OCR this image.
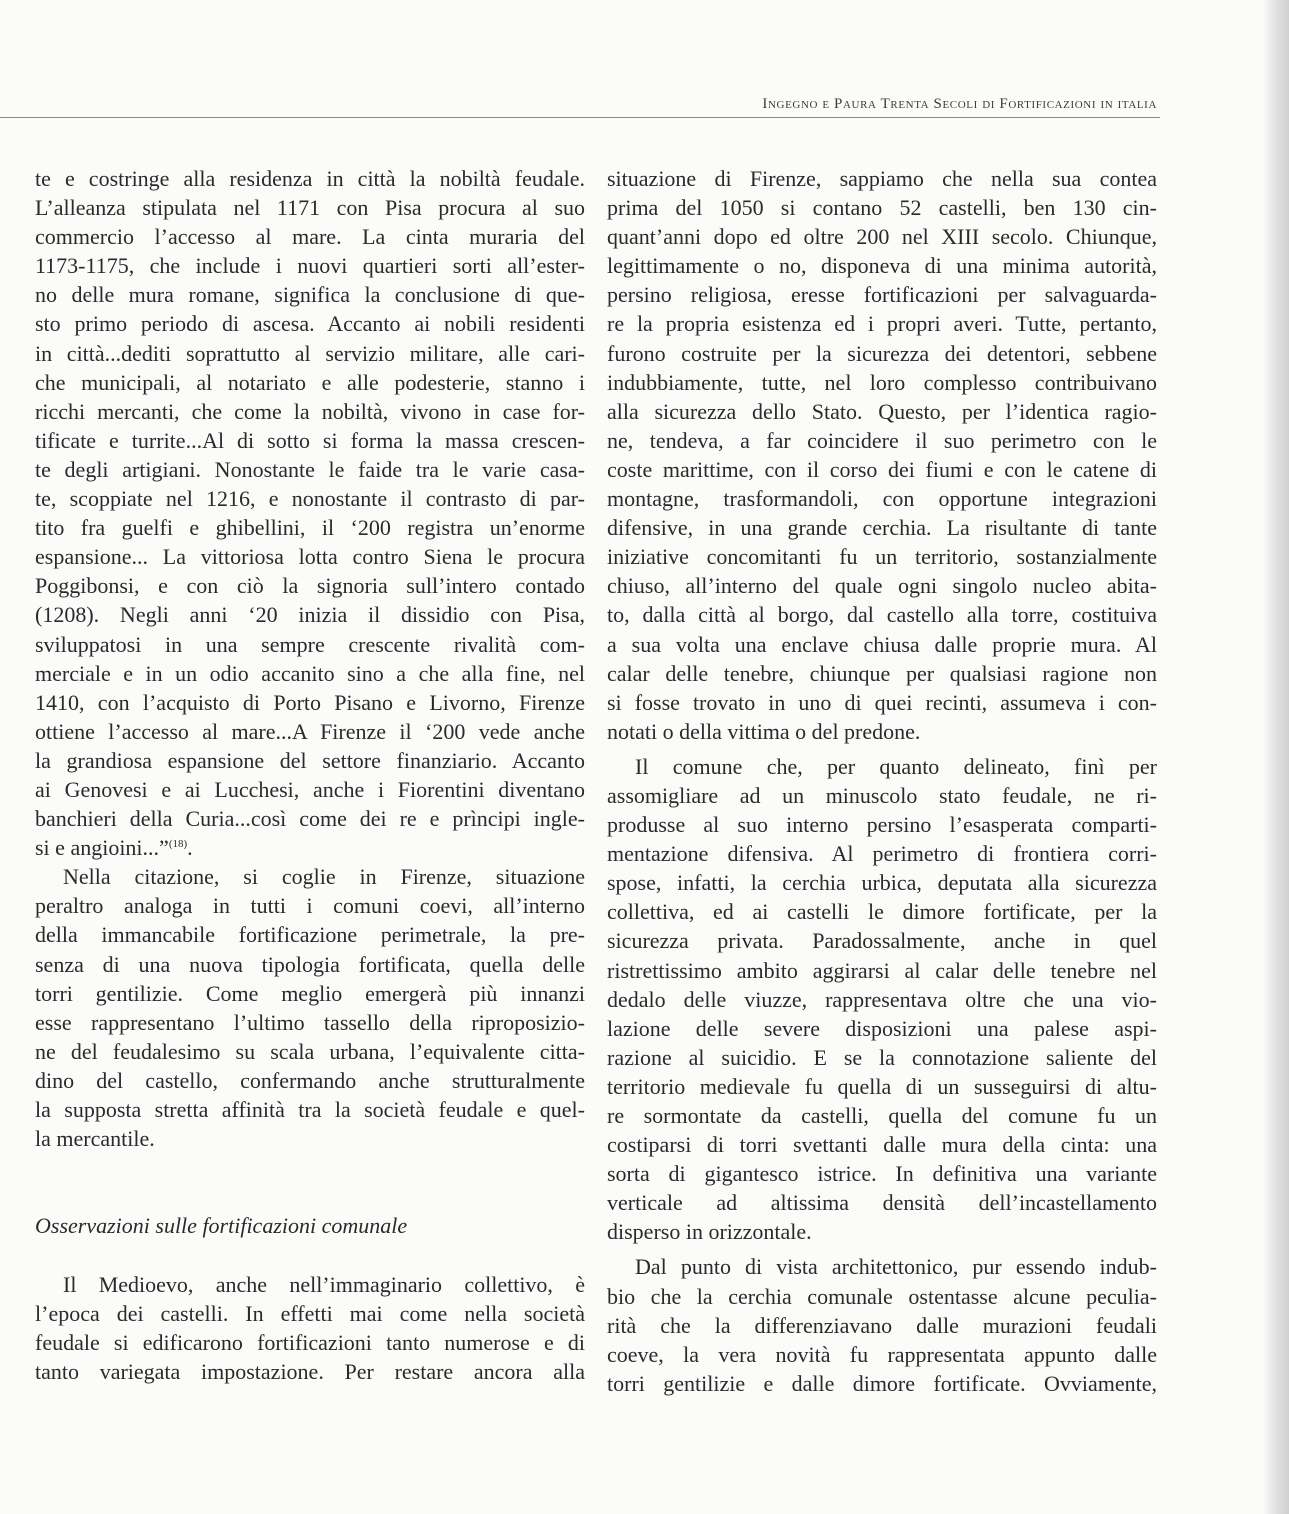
Ingegno e Paura Trenta Secoli di Fortificazioni in italia
te e costringe alla residenza in città la nobiltà feudale.
L’alleanza stipulata nel 1171 con Pisa procura al suo
commercio l’accesso al mare. La cinta muraria del
1173-1175, che include i nuovi quartieri sorti all’ester-
no delle mura romane, significa la conclusione di que-
sto primo periodo di ascesa. Accanto ai nobili residenti
in città...dediti soprattutto al servizio militare, alle cari-
che municipali, al notariato e alle podesterie, stanno i
ricchi mercanti, che come la nobiltà, vivono in case for-
tificate e turrite...Al di sotto si forma la massa crescen-
te degli artigiani. Nonostante le faide tra le varie casa-
te, scoppiate nel 1216, e nonostante il contrasto di par-
tito fra guelfi e ghibellini, il ‘200 registra un’enorme
espansione... La vittoriosa lotta contro Siena le procura
Poggibonsi, e con ciò la signoria sull’intero contado
(1208). Negli anni ‘20 inizia il dissidio con Pisa,
sviluppatosi in una sempre crescente rivalità com-
merciale e in un odio accanito sino a che alla fine, nel
1410, con l’acquisto di Porto Pisano e Livorno, Firenze
ottiene l’accesso al mare...A Firenze il ‘200 vede anche
la grandiosa espansione del settore finanziario. Accanto
ai Genovesi e ai Lucchesi, anche i Fiorentini diventano
banchieri della Curia...così come dei re e prìncipi ingle-
si e angioini...”$^{(18)}$.
Nella citazione, si coglie in Firenze, situazione
peraltro analoga in tutti i comuni coevi, all’interno
della immancabile fortificazione perimetrale, la pre-
senza di una nuova tipologia fortificata, quella delle
torri gentilizie. Come meglio emergerà più innanzi
esse rappresentano l’ultimo tassello della riproposizio-
ne del feudalesimo su scala urbana, l’equivalente citta-
dino del castello, confermando anche strutturalmente
la supposta stretta affinità tra la società feudale e quel-
la mercantile.
Osservazioni sulle fortificazioni comunale
Il Medioevo, anche nell’immaginario collettivo, è
l’epoca dei castelli. In effetti mai come nella società
feudale si edificarono fortificazioni tanto numerose e di
tanto variegata impostazione. Per restare ancora alla
situazione di Firenze, sappiamo che nella sua contea
prima del 1050 si contano 52 castelli, ben 130 cin-
quant’anni dopo ed oltre 200 nel XIII secolo. Chiunque,
legittimamente o no, disponeva di una minima autorità,
persino religiosa, eresse fortificazioni per salvaguarda-
re la propria esistenza ed i propri averi. Tutte, pertanto,
furono costruite per la sicurezza dei detentori, sebbene
indubbiamente, tutte, nel loro complesso contribuivano
alla sicurezza dello Stato. Questo, per l’identica ragio-
ne, tendeva, a far coincidere il suo perimetro con le
coste marittime, con il corso dei fiumi e con le catene di
montagne, trasformandoli, con opportune integrazioni
difensive, in una grande cerchia. La risultante di tante
iniziative concomitanti fu un territorio, sostanzialmente
chiuso, all’interno del quale ogni singolo nucleo abita-
to, dalla città al borgo, dal castello alla torre, costituiva
a sua volta una enclave chiusa dalle proprie mura. Al
calar delle tenebre, chiunque per qualsiasi ragione non
si fosse trovato in uno di quei recinti, assumeva i con-
notati o della vittima o del predone.
Il comune che, per quanto delineato, finì per
assomigliare ad un minuscolo stato feudale, ne ri-
produsse al suo interno persino l’esasperata comparti-
mentazione difensiva. Al perimetro di frontiera corri-
spose, infatti, la cerchia urbica, deputata alla sicurezza
collettiva, ed ai castelli le dimore fortificate, per la
sicurezza privata. Paradossalmente, anche in quel
ristrettissimo ambito aggirarsi al calar delle tenebre nel
dedalo delle viuzze, rappresentava oltre che una vio-
lazione delle severe disposizioni una palese aspi-
razione al suicidio. E se la connotazione saliente del
territorio medievale fu quella di un susseguirsi di altu-
re sormontate da castelli, quella del comune fu un
costiparsi di torri svettanti dalle mura della cinta: una
sorta di gigantesco istrice. In definitiva una variante
verticale ad altissima densità dell’incastellamento
disperso in orizzontale.
Dal punto di vista architettonico, pur essendo indub-
bio che la cerchia comunale ostentasse alcune peculia-
rità che la differenziavano dalle murazioni feudali
coeve, la vera novità fu rappresentata appunto dalle
torri gentilizie e dalle dimore fortificate. Ovviamente,
